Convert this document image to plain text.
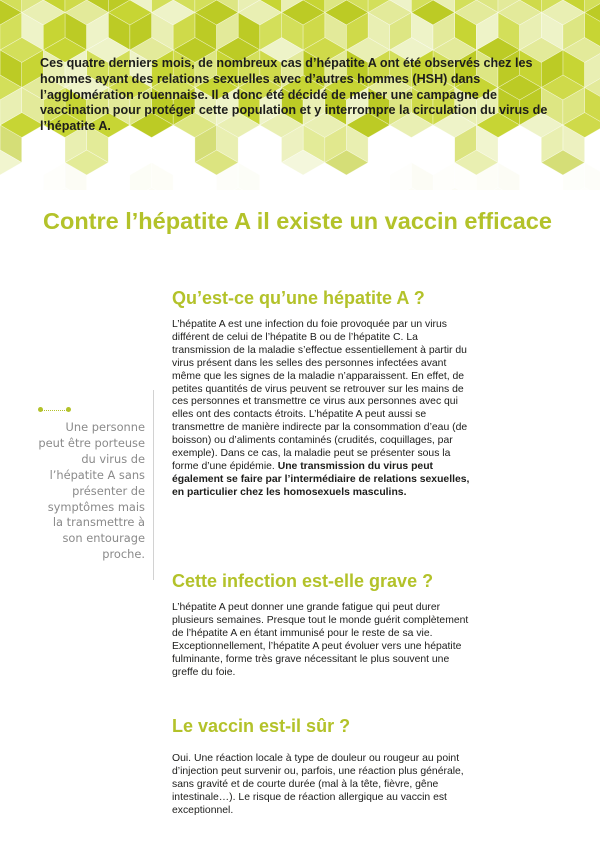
Ces quatre derniers mois, de nombreux cas d’hépatite A ont été observés chez les hommes ayant des relations sexuelles avec d’autres hommes (HSH) dans l’agglomération rouennaise. Il a donc été décidé de mener une campagne de vaccination pour protéger cette population et y interrompre la circulation du virus de l’hépatite A.

Contre l’hépatite A il existe un vaccin efficace

Une personne peut être porteuse du virus de l’hépatite A sans présenter de symptômes mais la transmettre à son entourage proche.

Qu’est-ce qu’une hépatite A ?

L’hépatite A est une infection du foie provoquée par un virus différent de celui de l’hépatite B ou de l’hépatite C. La transmission de la maladie s’effectue essentiellement à partir du virus présent dans les selles des personnes infectées avant même que les signes de la maladie n’apparaissent. En effet, de petites quantités de virus peuvent se retrouver sur les mains de ces personnes et transmettre ce virus aux personnes avec qui elles ont des contacts étroits. L’hépatite A peut aussi se transmettre de manière indirecte par la consommation d’eau (de boisson) ou d’aliments contaminés (crudités, coquillages, par exemple). Dans ce cas, la maladie peut se présenter sous la forme d’une épidémie. Une transmission du virus peut également se faire par l’intermédiaire de relations sexuelles, en particulier chez les homosexuels masculins.

Cette infection est-elle grave ?

L’hépatite A peut donner une grande fatigue qui peut durer plusieurs semaines. Presque tout le monde guérit complètement de l’hépatite A en étant immunisé pour le reste de sa vie. Exceptionnellement, l’hépatite A peut évoluer vers une hépatite fulminante, forme très grave nécessitant le plus souvent une greffe du foie.

Le vaccin est-il sûr ?

Oui. Une réaction locale à type de douleur ou rougeur au point d’injection peut survenir ou, parfois, une réaction plus générale, sans gravité et de courte durée (mal à la tête, fièvre, gêne intestinale…). Le risque de réaction allergique au vaccin est exceptionnel.
